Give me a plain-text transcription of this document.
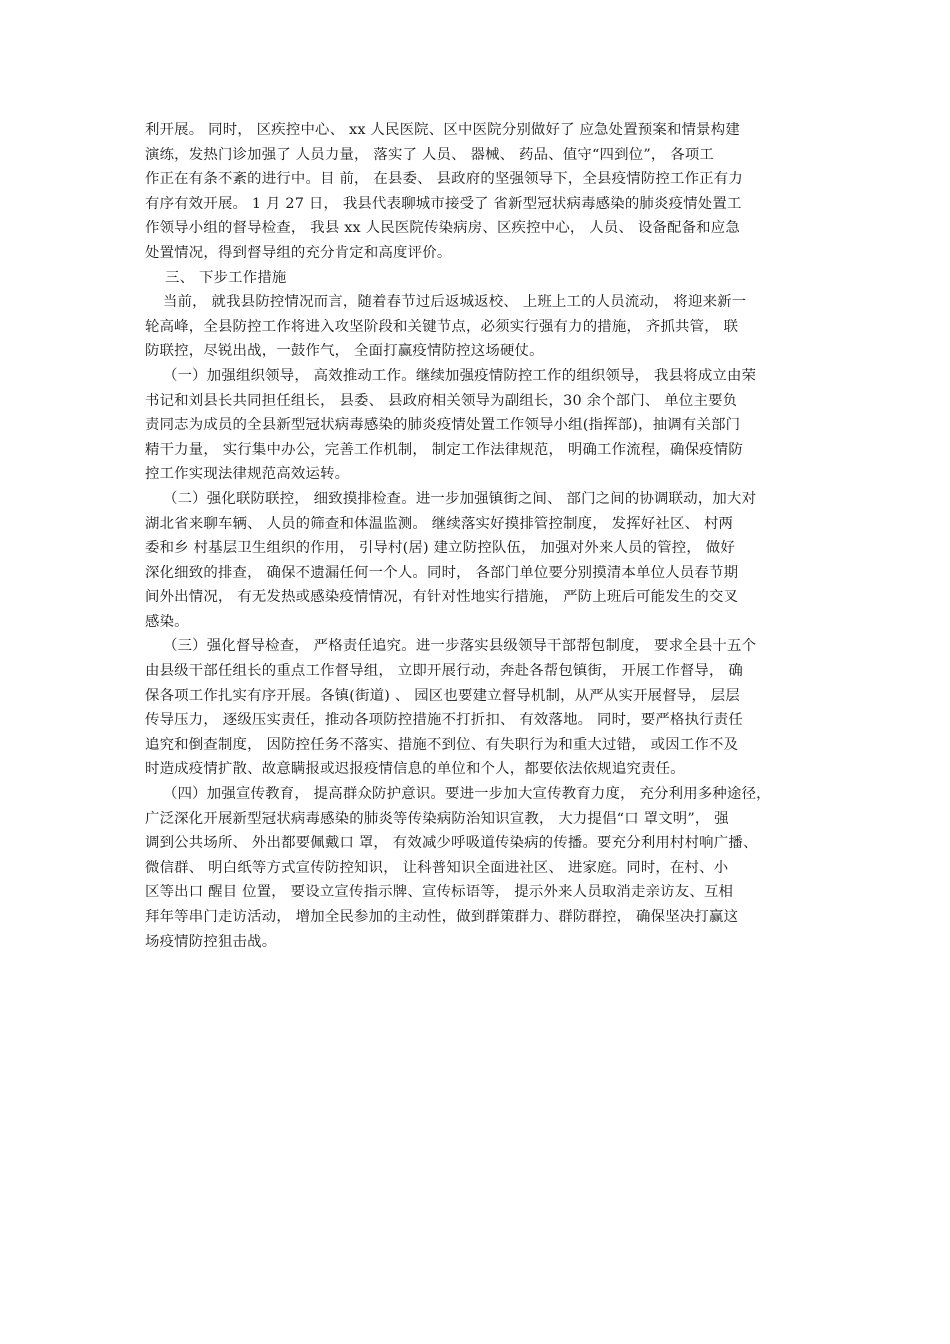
利开展。 同时， 区疾控中心、 xx 人民医院、区中医院分别做好了 应急处置预案和情景构建
演练，发热门诊加强了 人员力量， 落实了 人员、 器械、 药品、值守“四到位”， 各项工
作正在有条不紊的进行中。目 前， 在县委、 县政府的坚强领导下，全县疫情防控工作正有力
有序有效开展。 1 月 27 日， 我县代表聊城市接受了 省新型冠状病毒感染的肺炎疫情处置工
作领导小组的督导检查， 我县 xx 人民医院传染病房、区疾控中心， 人员、 设备配备和应急
处置情况，得到督导组的充分肯定和高度评价。
三、 下步工作措施
当前， 就我县防控情况而言，随着春节过后返城返校、 上班上工的人员流动， 将迎来新一
轮高峰，全县防控工作将进入攻坚阶段和关键节点，必须实行强有力的措施， 齐抓共管， 联
防联控，尽锐出战，一鼓作气， 全面打赢疫情防控这场硬仗。
（一）加强组织领导， 高效推动工作。继续加强疫情防控工作的组织领导， 我县将成立由荣
书记和刘县长共同担任组长， 县委、 县政府相关领导为副组长，30 余个部门、 单位主要负
责同志为成员的全县新型冠状病毒感染的肺炎疫情处置工作领导小组(指挥部)，抽调有关部门
精干力量， 实行集中办公，完善工作机制， 制定工作法律规范， 明确工作流程，确保疫情防
控工作实现法律规范高效运转。
（二）强化联防联控， 细致摸排检查。进一步加强镇街之间、 部门之间的协调联动，加大对
湖北省来聊车辆、 人员的筛查和体温监测。 继续落实好摸排管控制度， 发挥好社区、 村两
委和乡 村基层卫生组织的作用， 引导村(居) 建立防控队伍， 加强对外来人员的管控， 做好
深化细致的排查， 确保不遗漏任何一个人。同时， 各部门单位要分别摸清本单位人员春节期
间外出情况， 有无发热或感染疫情情况，有针对性地实行措施， 严防上班后可能发生的交叉
感染。
（三）强化督导检查， 严格责任追究。进一步落实县级领导干部帮包制度， 要求全县十五个
由县级干部任组长的重点工作督导组， 立即开展行动，奔赴各帮包镇街， 开展工作督导， 确
保各项工作扎实有序开展。各镇(街道) 、 园区也要建立督导机制，从严从实开展督导， 层层
传导压力， 逐级压实责任，推动各项防控措施不打折扣、 有效落地。 同时，要严格执行责任
追究和倒查制度， 因防控任务不落实、措施不到位、有失职行为和重大过错， 或因工作不及
时造成疫情扩散、故意瞒报或迟报疫情信息的单位和个人，都要依法依规追究责任。
（四）加强宣传教育， 提高群众防护意识。要进一步加大宣传教育力度， 充分利用多种途径，
广泛深化开展新型冠状病毒感染的肺炎等传染病防治知识宣教， 大力提倡“口 罩文明”， 强
调到公共场所、 外出都要佩戴口 罩， 有效减少呼吸道传染病的传播。要充分利用村村响广播、
微信群、 明白纸等方式宣传防控知识， 让科普知识全面进社区、 进家庭。同时，在村、小
区等出口 醒目 位置， 要设立宣传指示牌、宣传标语等， 提示外来人员取消走亲访友、互相
拜年等串门走访活动， 增加全民参加的主动性，做到群策群力、群防群控， 确保坚决打赢这
场疫情防控狙击战。
